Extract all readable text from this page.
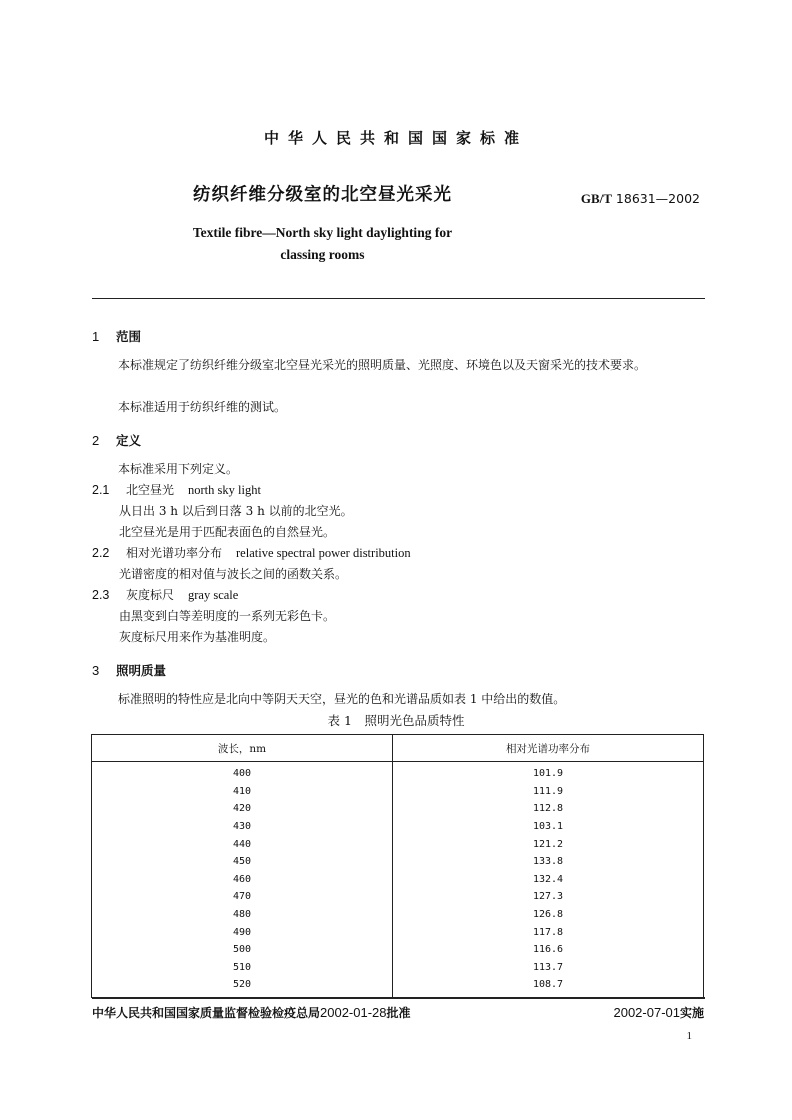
中华人民共和国国家标准
纺织纤维分级室的北空昼光采光	GB/T 18631—2002
Textile fibre—North sky light daylighting for
classing rooms
1 范围
本标准规定了纺织纤维分级室北空昼光采光的照明质量、光照度、环境色以及天窗采光的技术要求。
本标准适用于纺织纤维的测试。
2 定义
本标准采用下列定义。
2.1 北空昼光 north sky light
从日出 3 h 以后到日落 3 h 以前的北空光。
北空昼光是用于匹配表面色的自然昼光。
2.2 相对光谱功率分布 relative spectral power distribution
光谱密度的相对值与波长之间的函数关系。
2.3 灰度标尺 gray scale
由黑变到白等差明度的一系列无彩色卡。
灰度标尺用来作为基准明度。
3 照明质量
标准照明的特性应是北向中等阴天天空，昼光的色和光谱品质如表 1 中给出的数值。
表 1　照明光色品质特性
波长，nm	相对光谱功率分布
400	101.9
410	111.9
420	112.8
430	103.1
440	121.2
450	133.8
460	132.4
470	127.3
480	126.8
490	117.8
500	116.6
510	113.7
520	108.7
中华人民共和国国家质量监督检验检疫总局2002-01-28批准	2002-07-01实施
1
